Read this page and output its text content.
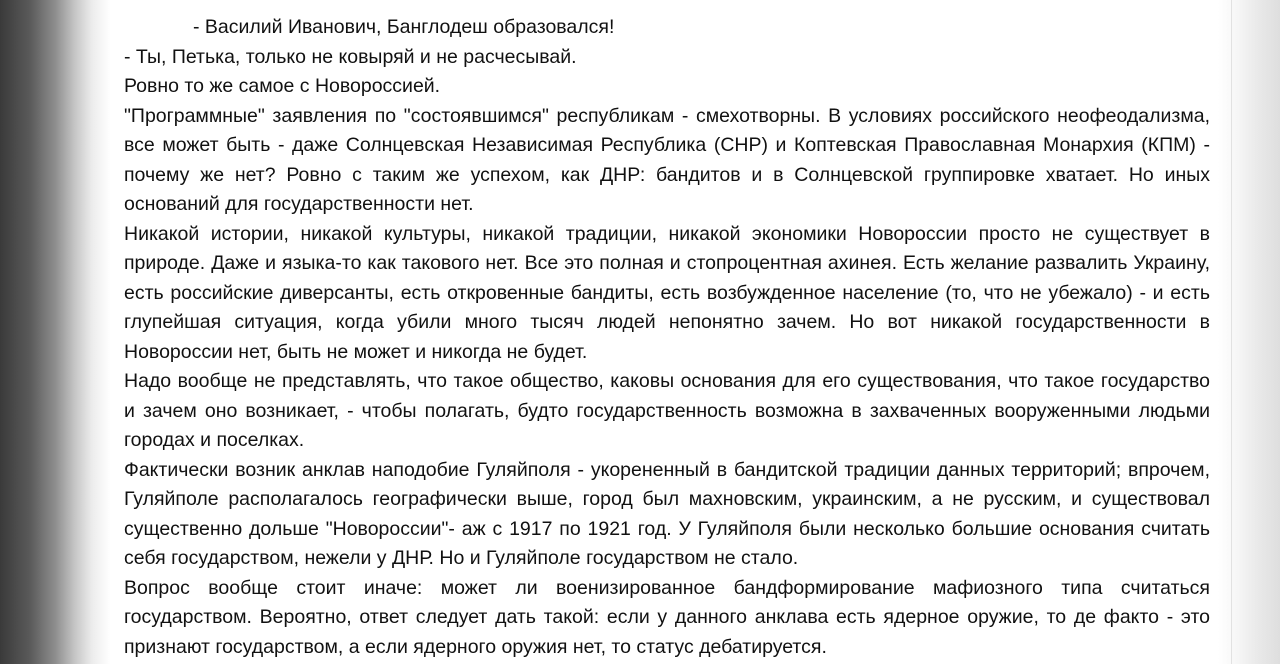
- Василий Иванович, Банглодеш образовался!

- Ты, Петька, только не ковыряй и не расчесывай.

Ровно то же самое с Новороссией.

"Программные" заявления по "состоявшимся" республикам - смехотворны. В условиях российского неофеодализма, все может быть - даже Солнцевская Независимая Республика (СНР) и Коптевская Православная Монархия (КПМ) - почему же нет? Ровно с таким же успехом, как ДНР: бандитов и в Солнцевской группировке хватает. Но иных оснований для государственности нет.

Никакой истории, никакой культуры, никакой традиции, никакой экономики Новороссии просто не существует в природе. Даже и языка-то как такового нет. Все это полная и стопроцентная ахинея. Есть желание развалить Украину, есть российские диверсанты, есть откровенные бандиты, есть возбужденное население (то, что не убежало) - и есть глупейшая ситуация, когда убили много тысяч людей непонятно зачем. Но вот никакой государственности в Новороссии нет, быть не может и никогда не будет.

Надо вообще не представлять, что такое общество, каковы основания для его существования, что такое государство и зачем оно возникает, - чтобы полагать, будто государственность возможна в захваченных вооруженными людьми городах и поселках.

Фактически возник анклав наподобие Гуляйполя - укорененный в бандитской традиции данных территорий; впрочем, Гуляйполе располагалось географически выше, город был махновским, украинским, а не русским, и существовал существенно дольше "Новороссии"- аж с 1917 по 1921 год. У Гуляйполя были несколько большие основания считать себя государством, нежели у ДНР. Но и Гуляйполе государством не стало.

Вопрос вообще стоит иначе: может ли военизированное бандформирование мафиозного типа считаться государством. Вероятно, ответ следует дать такой: если у данного анклава есть ядерное оружие, то де факто - это признают государством, а если ядерного оружия нет, то статус дебатируется.
